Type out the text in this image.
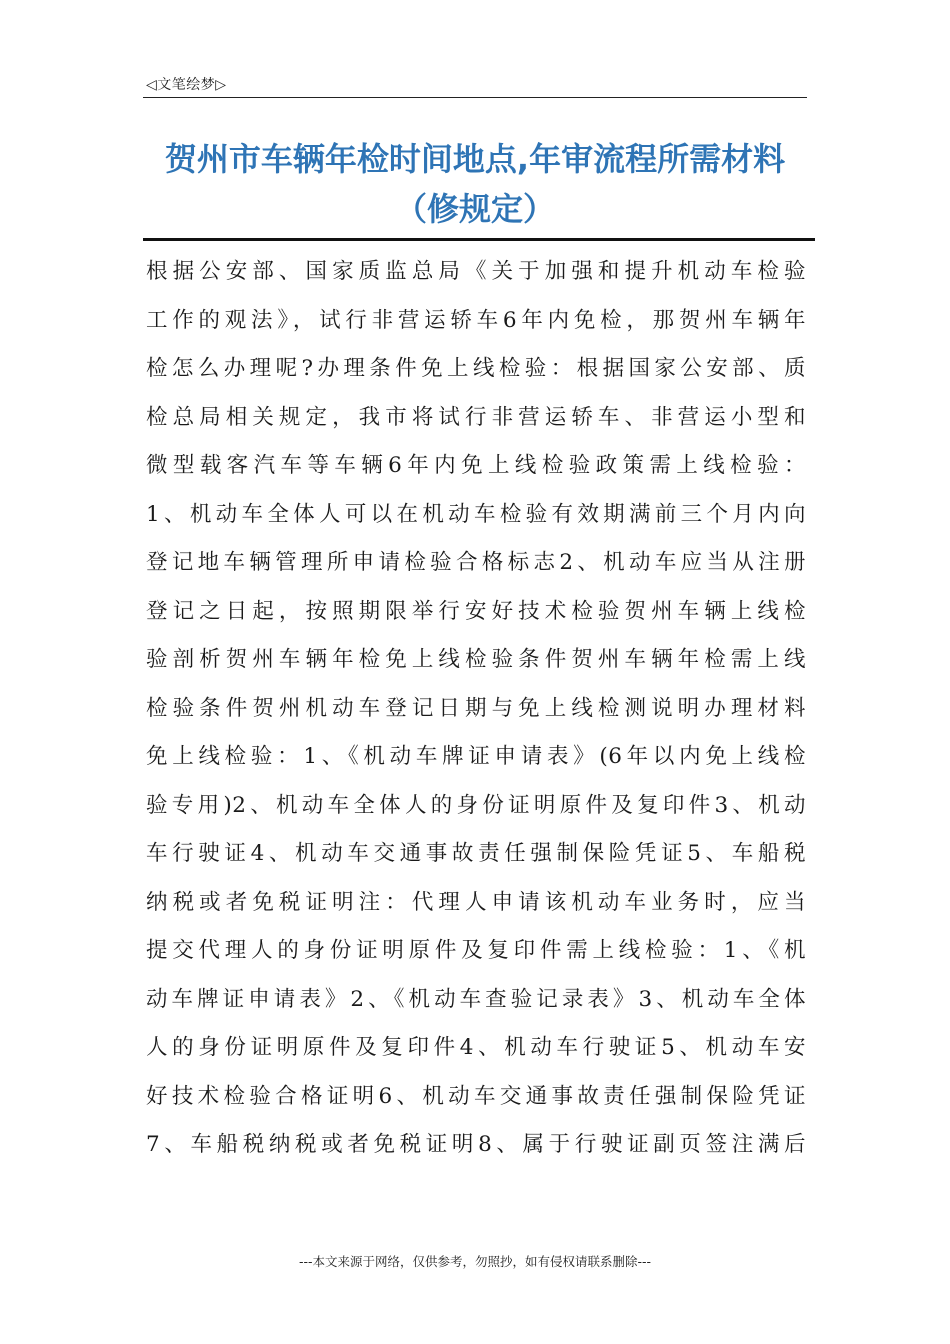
◁文笔绘梦▷
贺州市车辆年检时间地点,年审流程所需材料（修规定）
根据公安部、国家质监总局《关于加强和提升机动车检验
工作的观法》，试行非营运轿车6年内免检，那贺州车辆年
检怎么办理呢?办理条件免上线检验：根据国家公安部、质
检总局相关规定，我市将试行非营运轿车、非营运小型和
微型载客汽车等车辆6年内免上线检验政策需上线检验：
1、机动车全体人可以在机动车检验有效期满前三个月内向
登记地车辆管理所申请检验合格标志2、机动车应当从注册
登记之日起，按照期限举行安好技术检验贺州车辆上线检
验剖析贺州车辆年检免上线检验条件贺州车辆年检需上线
检验条件贺州机动车登记日期与免上线检测说明办理材料
免上线检验：1、《机动车牌证申请表》(6年以内免上线检
验专用)2、机动车全体人的身份证明原件及复印件3、机动
车行驶证4、机动车交通事故责任强制保险凭证5、车船税
纳税或者免税证明注：代理人申请该机动车业务时，应当
提交代理人的身份证明原件及复印件需上线检验：1、《机
动车牌证申请表》2、《机动车查验记录表》3、机动车全体
人的身份证明原件及复印件4、机动车行驶证5、机动车安
好技术检验合格证明6、机动车交通事故责任强制保险凭证
7、车船税纳税或者免税证明8、属于行驶证副页签注满后
---本文来源于网络，仅供参考，勿照抄，如有侵权请联系删除---
